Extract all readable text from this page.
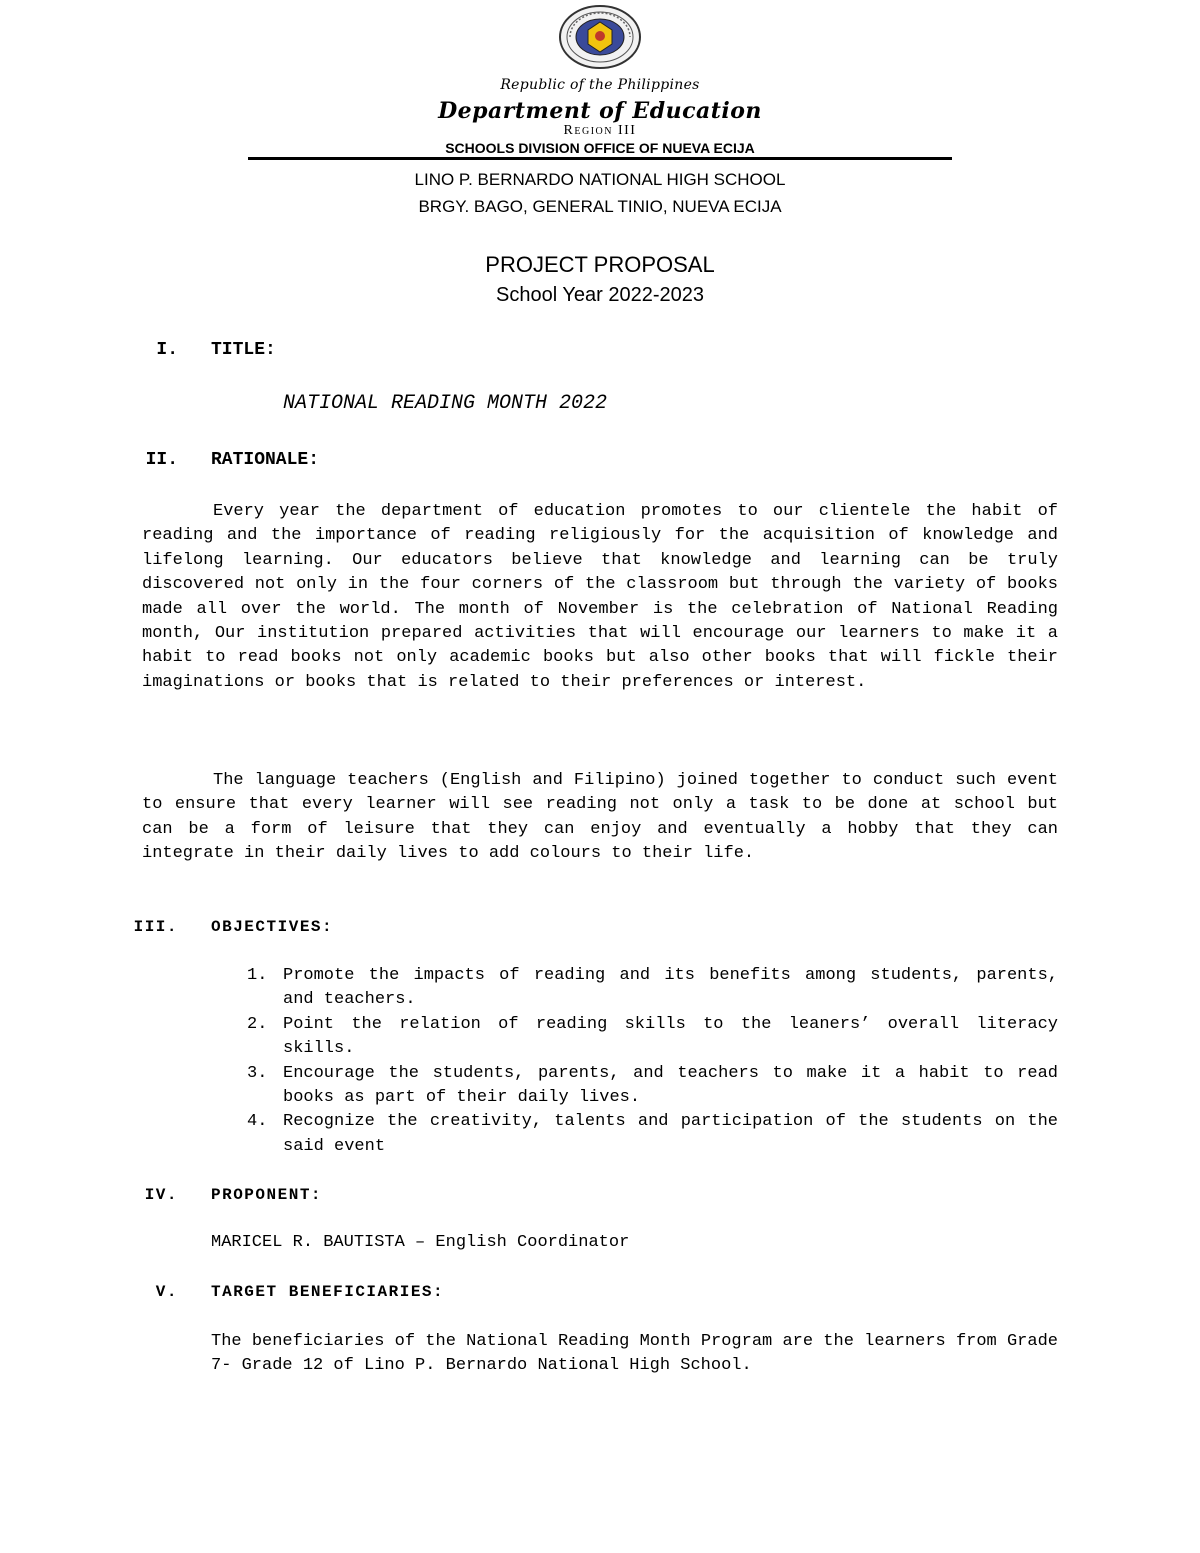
Republic of the Philippines
Department of Education
Region III
SCHOOLS DIVISION OFFICE OF NUEVA ECIJA
LINO P. BERNARDO NATIONAL HIGH SCHOOL
BRGY. BAGO, GENERAL TINIO, NUEVA ECIJA
PROJECT PROPOSAL
School Year 2022-2023
I. TITLE:
NATIONAL READING MONTH 2022
II. RATIONALE:

Every year the department of education promotes to our clientele the habit of reading and the importance of reading religiously for the acquisition of knowledge and lifelong learning. Our educators believe that knowledge and learning can be truly discovered not only in the four corners of the classroom but through the variety of books made all over the world. The month of November is the celebration of National Reading month, Our institution prepared activities that will encourage our learners to make it a habit to read books not only academic books but also other books that will fickle their imaginations or books that is related to their preferences or interest.

The language teachers (English and Filipino) joined together to conduct such event to ensure that every learner will see reading not only a task to be done at school but can be a form of leisure that they can enjoy and eventually a hobby that they can integrate in their daily lives to add colours to their life.

III. OBJECTIVES:
1. Promote the impacts of reading and its benefits among students, parents, and teachers.
2. Point the relation of reading skills to the leaners’ overall literacy skills.
3. Encourage the students, parents, and teachers to make it a habit to read books as part of their daily lives.
4. Recognize the creativity, talents and participation of the students on the said event
IV. PROPONENT:
MARICEL R. BAUTISTA – English Coordinator
V. TARGET BENEFICIARIES:

The beneficiaries of the National Reading Month Program are the learners from Grade 7- Grade 12 of Lino P. Bernardo National High School.
